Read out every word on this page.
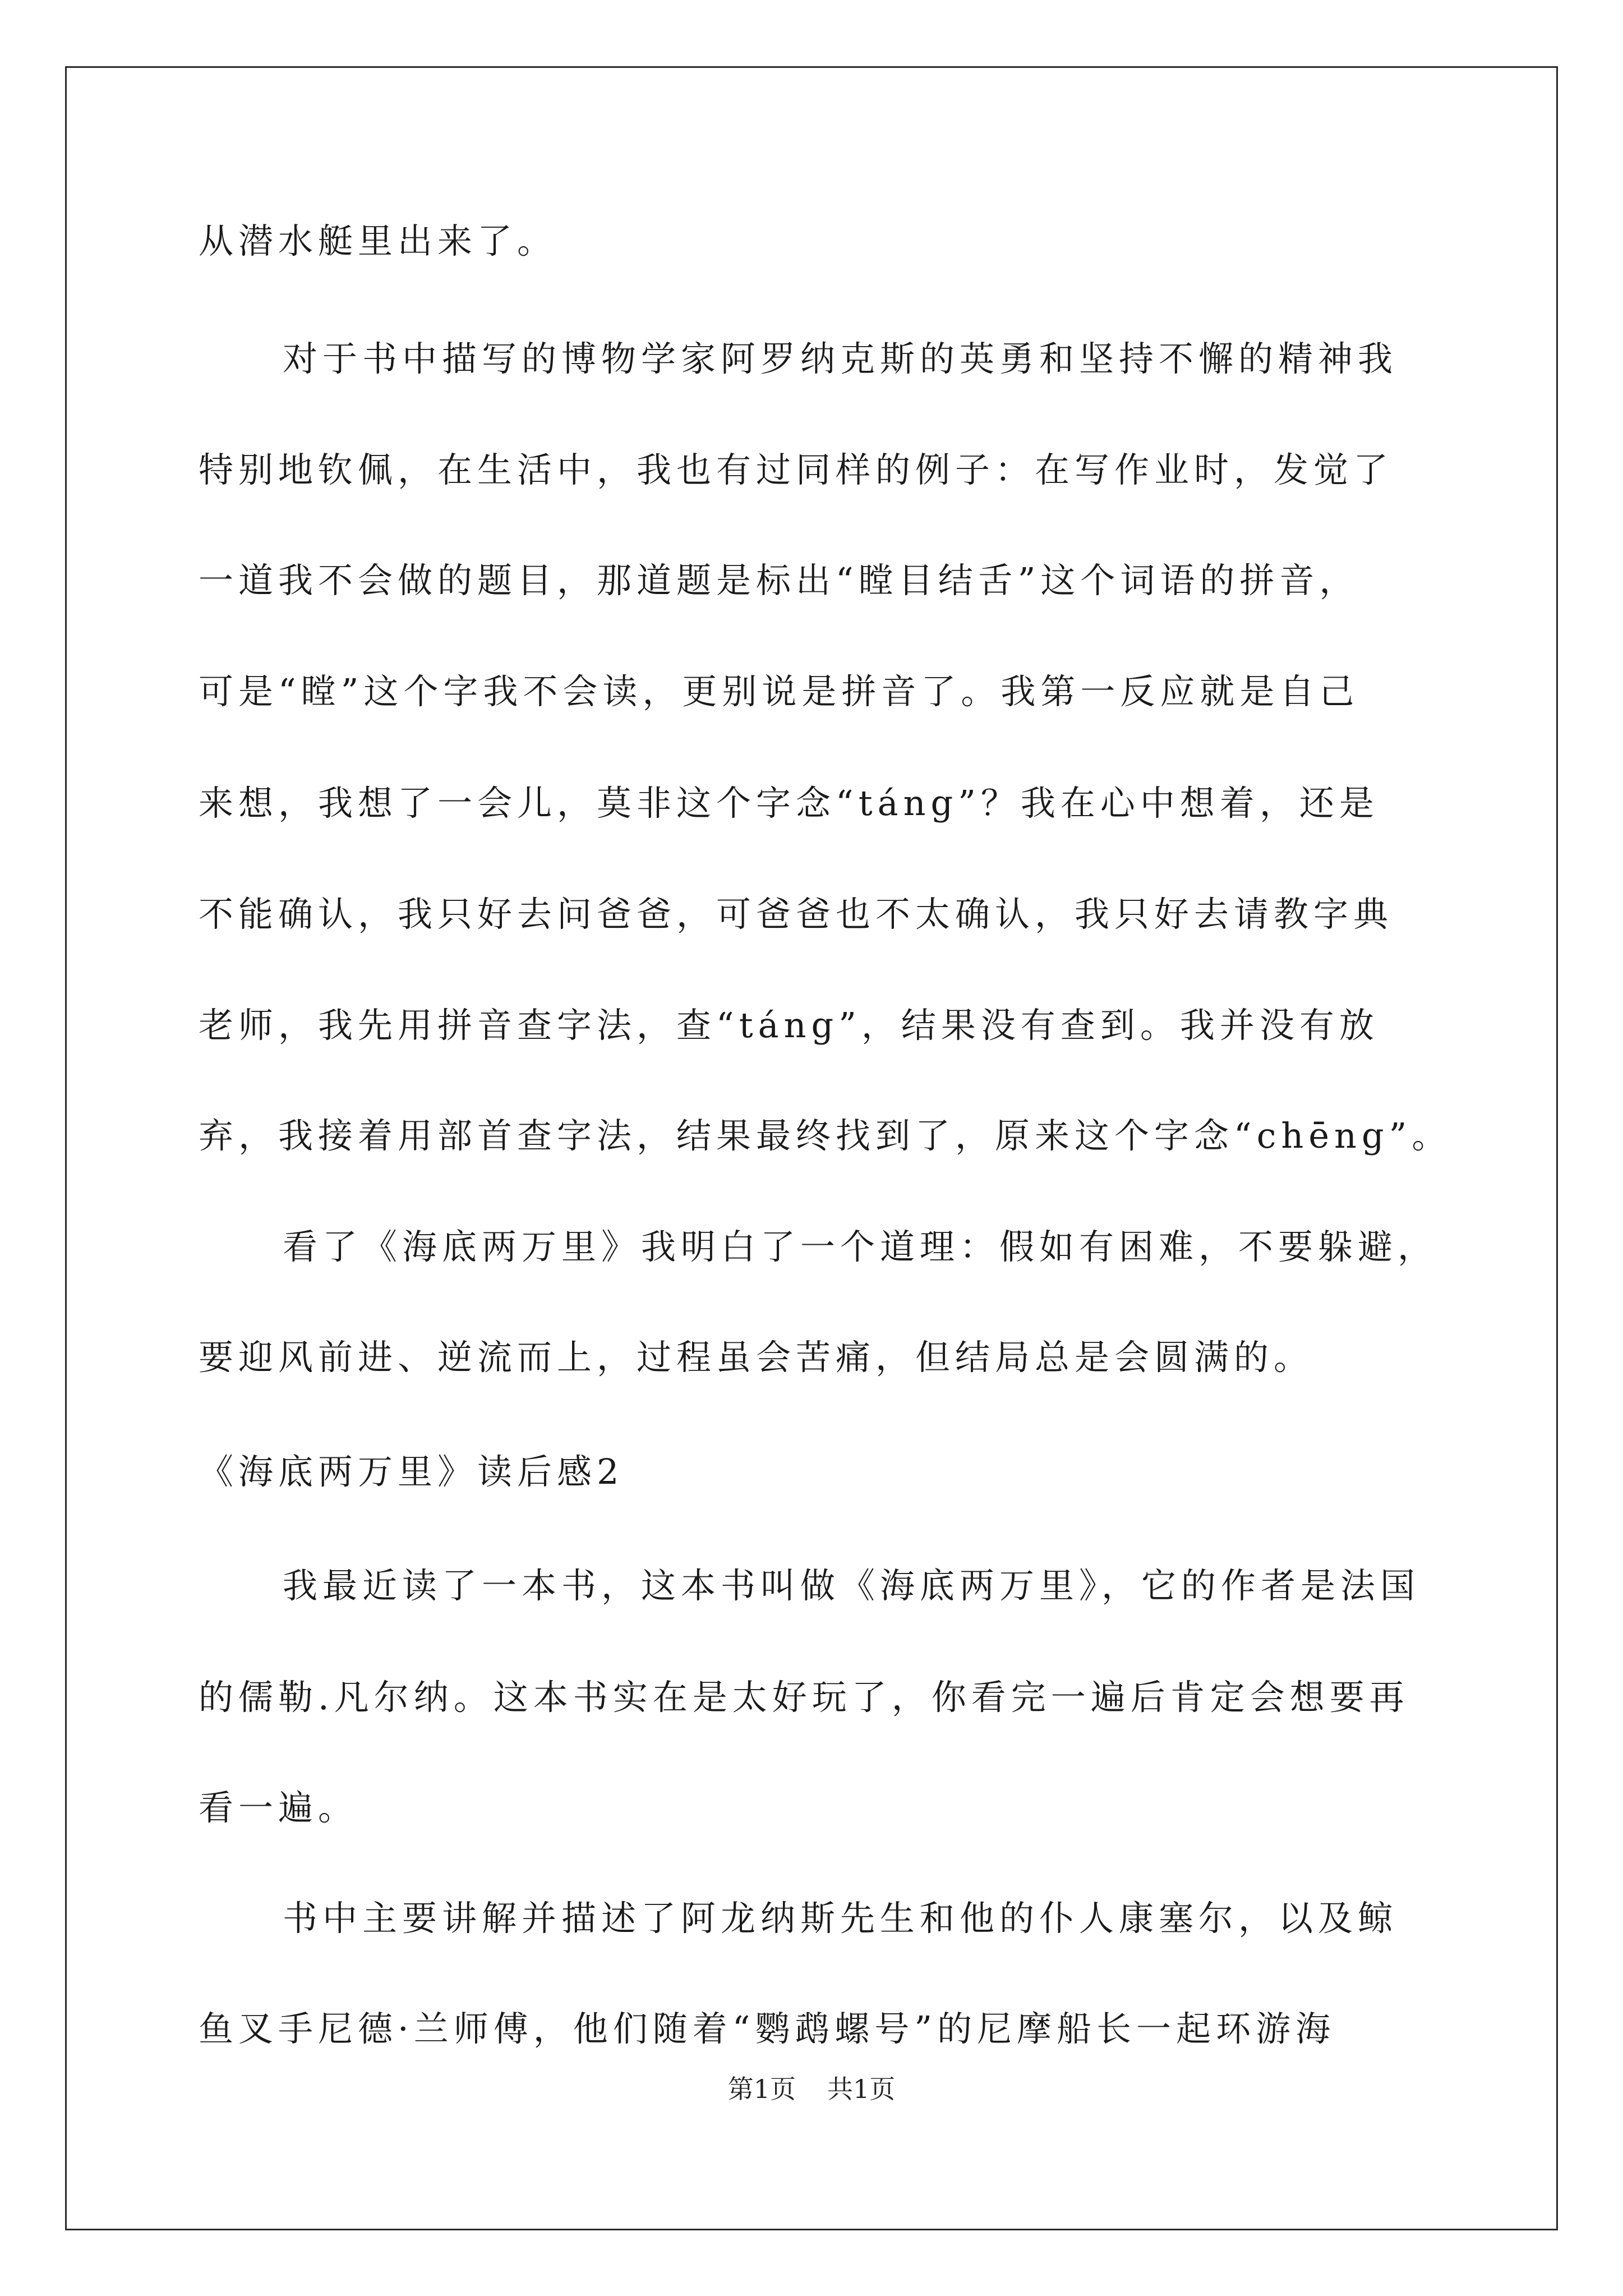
从潜水艇里出来了。
对于书中描写的博物学家阿罗纳克斯的英勇和坚持不懈的精神我
特别地钦佩，在生活中，我也有过同样的例子：在写作业时，发觉了
一道我不会做的题目，那道题是标出“瞠目结舌”这个词语的拼音，
可是“瞠”这个字我不会读，更别说是拼音了。我第一反应就是自己
来想，我想了一会儿，莫非这个字念“táng”？我在心中想着，还是
不能确认，我只好去问爸爸，可爸爸也不太确认，我只好去请教字典
老师，我先用拼音查字法，查“táng”，结果没有查到。我并没有放
弃，我接着用部首查字法，结果最终找到了，原来这个字念“chēng”。
看了《海底两万里》我明白了一个道理：假如有困难，不要躲避，
要迎风前进、逆流而上，过程虽会苦痛，但结局总是会圆满的。
《海底两万里》读后感2
我最近读了一本书，这本书叫做《海底两万里》，它的作者是法国
的儒勒.凡尔纳。这本书实在是太好玩了，你看完一遍后肯定会想要再
看一遍。
书中主要讲解并描述了阿龙纳斯先生和他的仆人康塞尔，以及鲸
鱼叉手尼德·兰师傅，他们随着“鹦鹉螺号”的尼摩船长一起环游海
第1页 共1页
